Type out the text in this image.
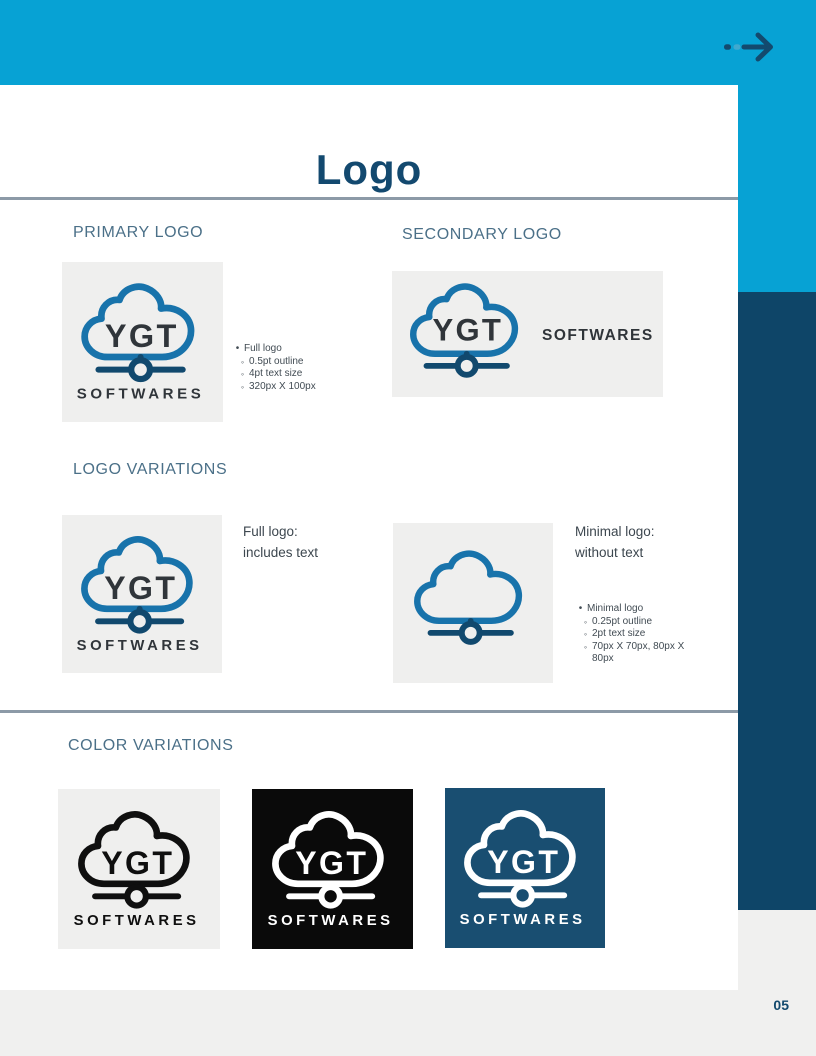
05
Logo
PRIMARY LOGO
YGT
SOFTWARES
• Full logo
◦ 0.5pt outline
◦ 4pt text size
◦ 320px X 100px
SECONDARY LOGO
YGT	SOFTWARES
LOGO VARIATIONS
YGT
SOFTWARES
Full logo:
includes text
Minimal logo:
without text
• Minimal logo
◦ 0.25pt outline
◦ 2pt text size
◦ 70px X 70px, 80px X 80px
COLOR VARIATIONS
YGT
SOFTWARES
YGT
SOFTWARES
YGT
SOFTWARES
